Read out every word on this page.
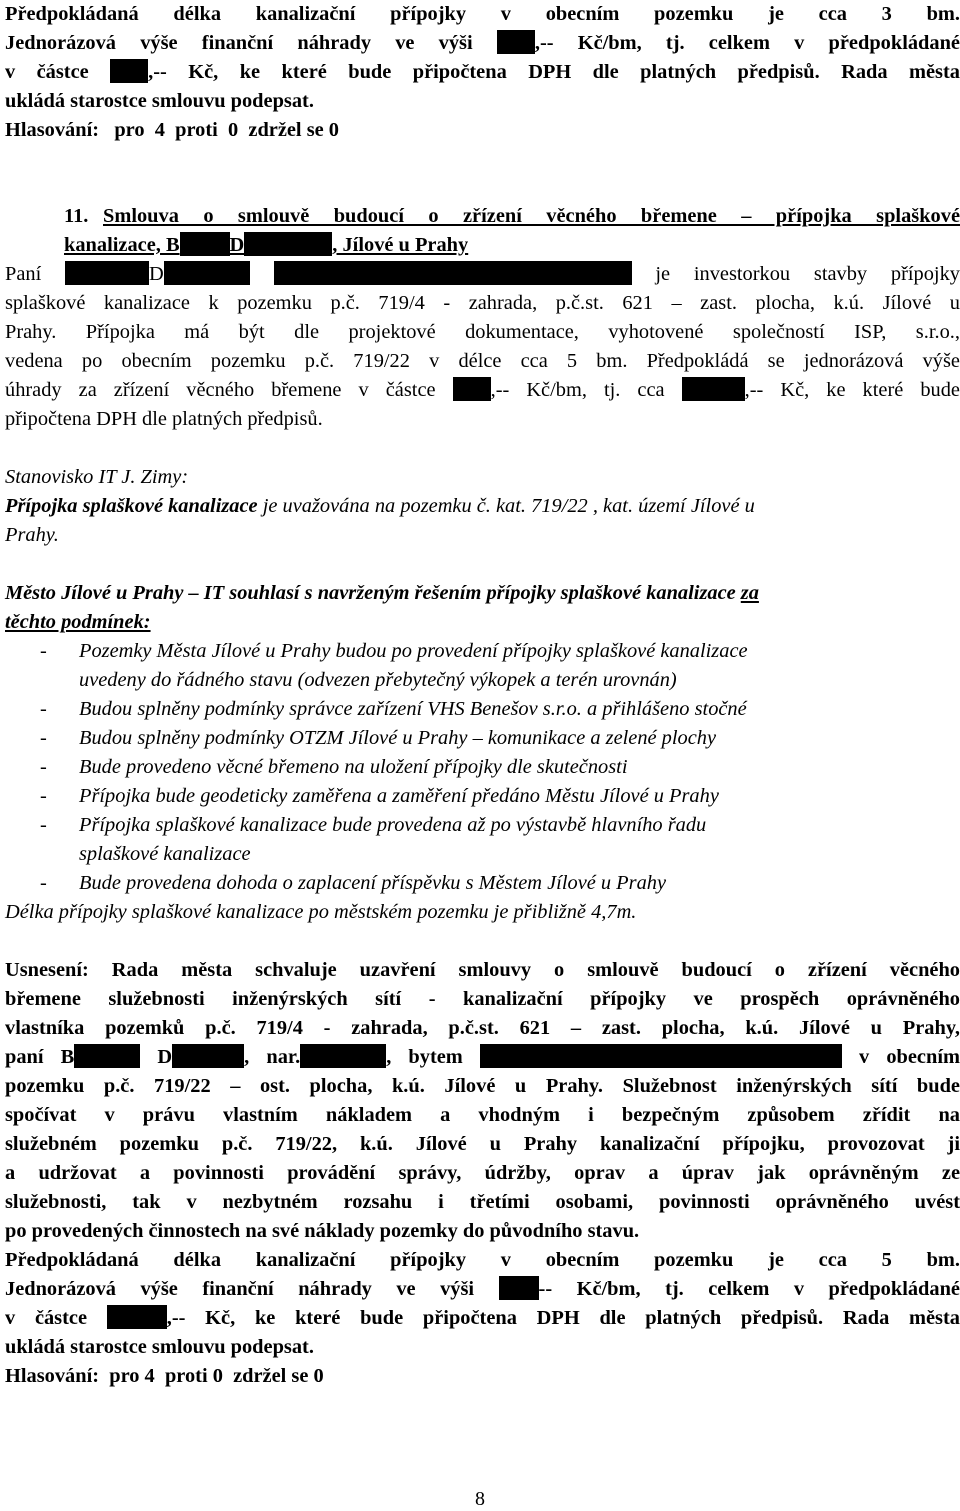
Předpokládaná délka kanalizační přípojky v obecním pozemku je cca 3 bm.
Jednorázová výše finanční náhrady ve výši	,-- Kč/bm, tj. celkem v předpokládané
v částce	,-- Kč, ke které bude připočtena DPH dle platných předpisů. Rada města
ukládá starostce smlouvu podepsat.
Hlasování:   pro  4  proti  0  zdržel se 0
11. Smlouva o smlouvě budoucí o zřízení věcného břemene – přípojka splaškové
kanalizace, B D	, Jílové u Prahy
Paní	D	je investorkou stavby přípojky
splaškové kanalizace k pozemku p.č. 719/4 - zahrada, p.č.st. 621 – zast. plocha, k.ú. Jílové u
Prahy. Přípojka má být dle projektové dokumentace, vyhotovené společností ISP, s.r.o.,
vedena po obecním pozemku p.č. 719/22 v délce cca 5 bm. Předpokládá se jednorázová výše
úhrady za zřízení věcného břemene v částce	,-- Kč/bm, tj. cca	,-- Kč, ke které bude
připočtena DPH dle platných předpisů.
Stanovisko IT J. Zimy:
Přípojka splaškové kanalizace je uvažována na pozemku č. kat. 719/22 , kat. území Jílové u
Prahy.
Město Jílové u Prahy – IT souhlasí s navrženým řešením přípojky splaškové kanalizace za
těchto podmínek:
- Pozemky Města Jílové u Prahy budou po provedení přípojky splaškové kanalizace
uvedeny do řádného stavu (odvezen přebytečný výkopek a terén urovnán)
- Budou splněny podmínky správce zařízení VHS Benešov s.r.o. a přihlášeno stočné
- Budou splněny podmínky OTZM Jílové u Prahy – komunikace a zelené plochy
- Bude provedeno věcné břemeno na uložení přípojky dle skutečnosti
- Přípojka bude geodeticky zaměřena a zaměření předáno Městu Jílové u Prahy
- Přípojka splaškové kanalizace bude provedena až po výstavbě hlavního řadu
splaškové kanalizace
- Bude provedena dohoda o zaplacení příspěvku s Městem Jílové u Prahy
Délka přípojky splaškové kanalizace po městském pozemku je přibližně 4,7m.
Usnesení: Rada města schvaluje uzavření smlouvy o smlouvě budoucí o zřízení věcného
břemene služebnosti inženýrských sítí - kanalizační přípojky ve prospěch oprávněného
vlastníka pozemků p.č. 719/4 - zahrada, p.č.st. 621 – zast. plocha, k.ú. Jílové u Prahy,
paní B	D	, nar.	, bytem	v obecním
pozemku p.č. 719/22 – ost. plocha, k.ú. Jílové u Prahy. Služebnost inženýrských sítí bude
spočívat v právu vlastním nákladem a vhodným i bezpečným způsobem zřídit na
služebném pozemku p.č. 719/22, k.ú. Jílové u Prahy kanalizační přípojku, provozovat ji
a udržovat a povinnosti provádění správy, údržby, oprav a úprav jak oprávněným ze
služebnosti, tak v nezbytném rozsahu i třetími osobami, povinnosti oprávněného uvést
po provedených činnostech na své náklady pozemky do původního stavu.
Předpokládaná délka kanalizační přípojky v obecním pozemku je cca 5 bm.
Jednorázová výše finanční náhrady ve výši	-- Kč/bm, tj. celkem v předpokládané
v částce	,-- Kč, ke které bude připočtena DPH dle platných předpisů. Rada města
ukládá starostce smlouvu podepsat.
Hlasování:  pro 4  proti 0  zdržel se 0
8
